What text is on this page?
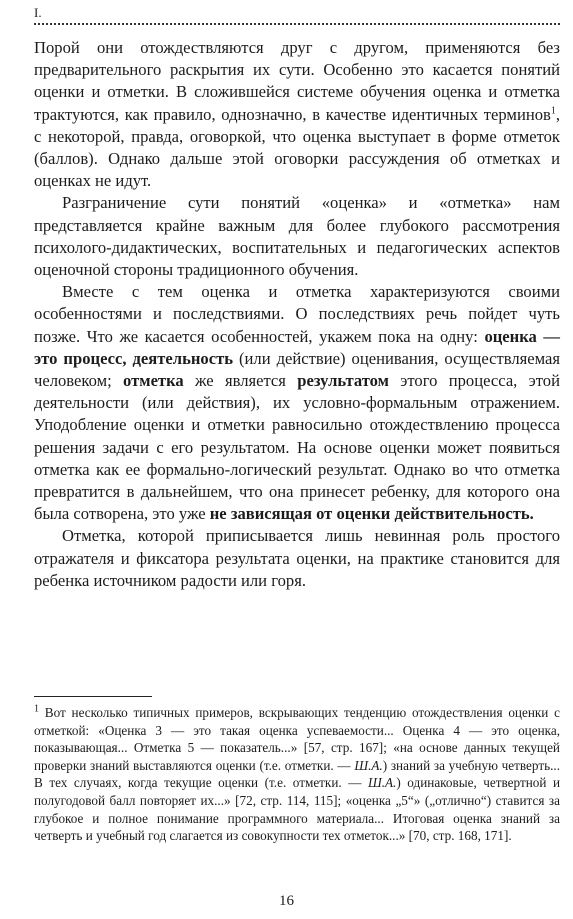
I.

Порой они отождествляются друг с другом, применяются без предварительного раскрытия их сути. Особенно это касается понятий оценки и отметки. В сложившейся системе обучения оценка и отметка трактуются, как правило, однозначно, в качестве идентичных терминов$^1$, с некоторой, правда, оговоркой, что оценка выступает в форме отметок (баллов). Однако дальше этой оговорки рассуждения об отметках и оценках не идут.

Разграничение сути понятий «оценка» и «отметка» нам представляется крайне важным для более глубокого рассмотрения психолого-дидактических, воспитательных и педагогических аспектов оценочной стороны традиционного обучения.

Вместе с тем оценка и отметка характеризуются своими особенностями и последствиями. О последствиях речь пойдет чуть позже. Что же касается особенностей, укажем пока на одну: оценка — это процесс, деятельность (или действие) оценивания, осуществляемая человеком; отметка же является результатом этого процесса, этой деятельности (или действия), их условно-формальным отражением. Уподобление оценки и отметки равносильно отождествлению процесса решения задачи с его результатом. На основе оценки может появиться отметка как ее формально-логический результат. Однако во что отметка превратится в дальнейшем, что она принесет ребенку, для которого она была сотворена, это уже не зависящая от оценки действительность.

Отметка, которой приписывается лишь невинная роль простого отражателя и фиксатора результата оценки, на практике становится для ребенка источником радости или горя.

$^1$ Вот несколько типичных примеров, вскрывающих тенденцию отождествления оценки с отметкой: «Оценка 3 — это такая оценка успеваемости... Оценка 4 — это оценка, показывающая... Отметка 5 — показатель...» [57, стр. 167]; «на основе данных текущей проверки знаний выставляются оценки (т.е. отметки. — Ш.А.) знаний за учебную четверть... В тех случаях, когда текущие оценки (т.е. отметки. — Ш.А.) одинаковые, четвертной и полугодовой балл повторяет их...» [72, стр. 114, 115]; «оценка „5“» („отлично“) ставится за глубокое и полное понимание программного материала... Итоговая оценка знаний за четверть и учебный год слагается из совокупности тех отметок...» [70, стр. 168, 171].

16
